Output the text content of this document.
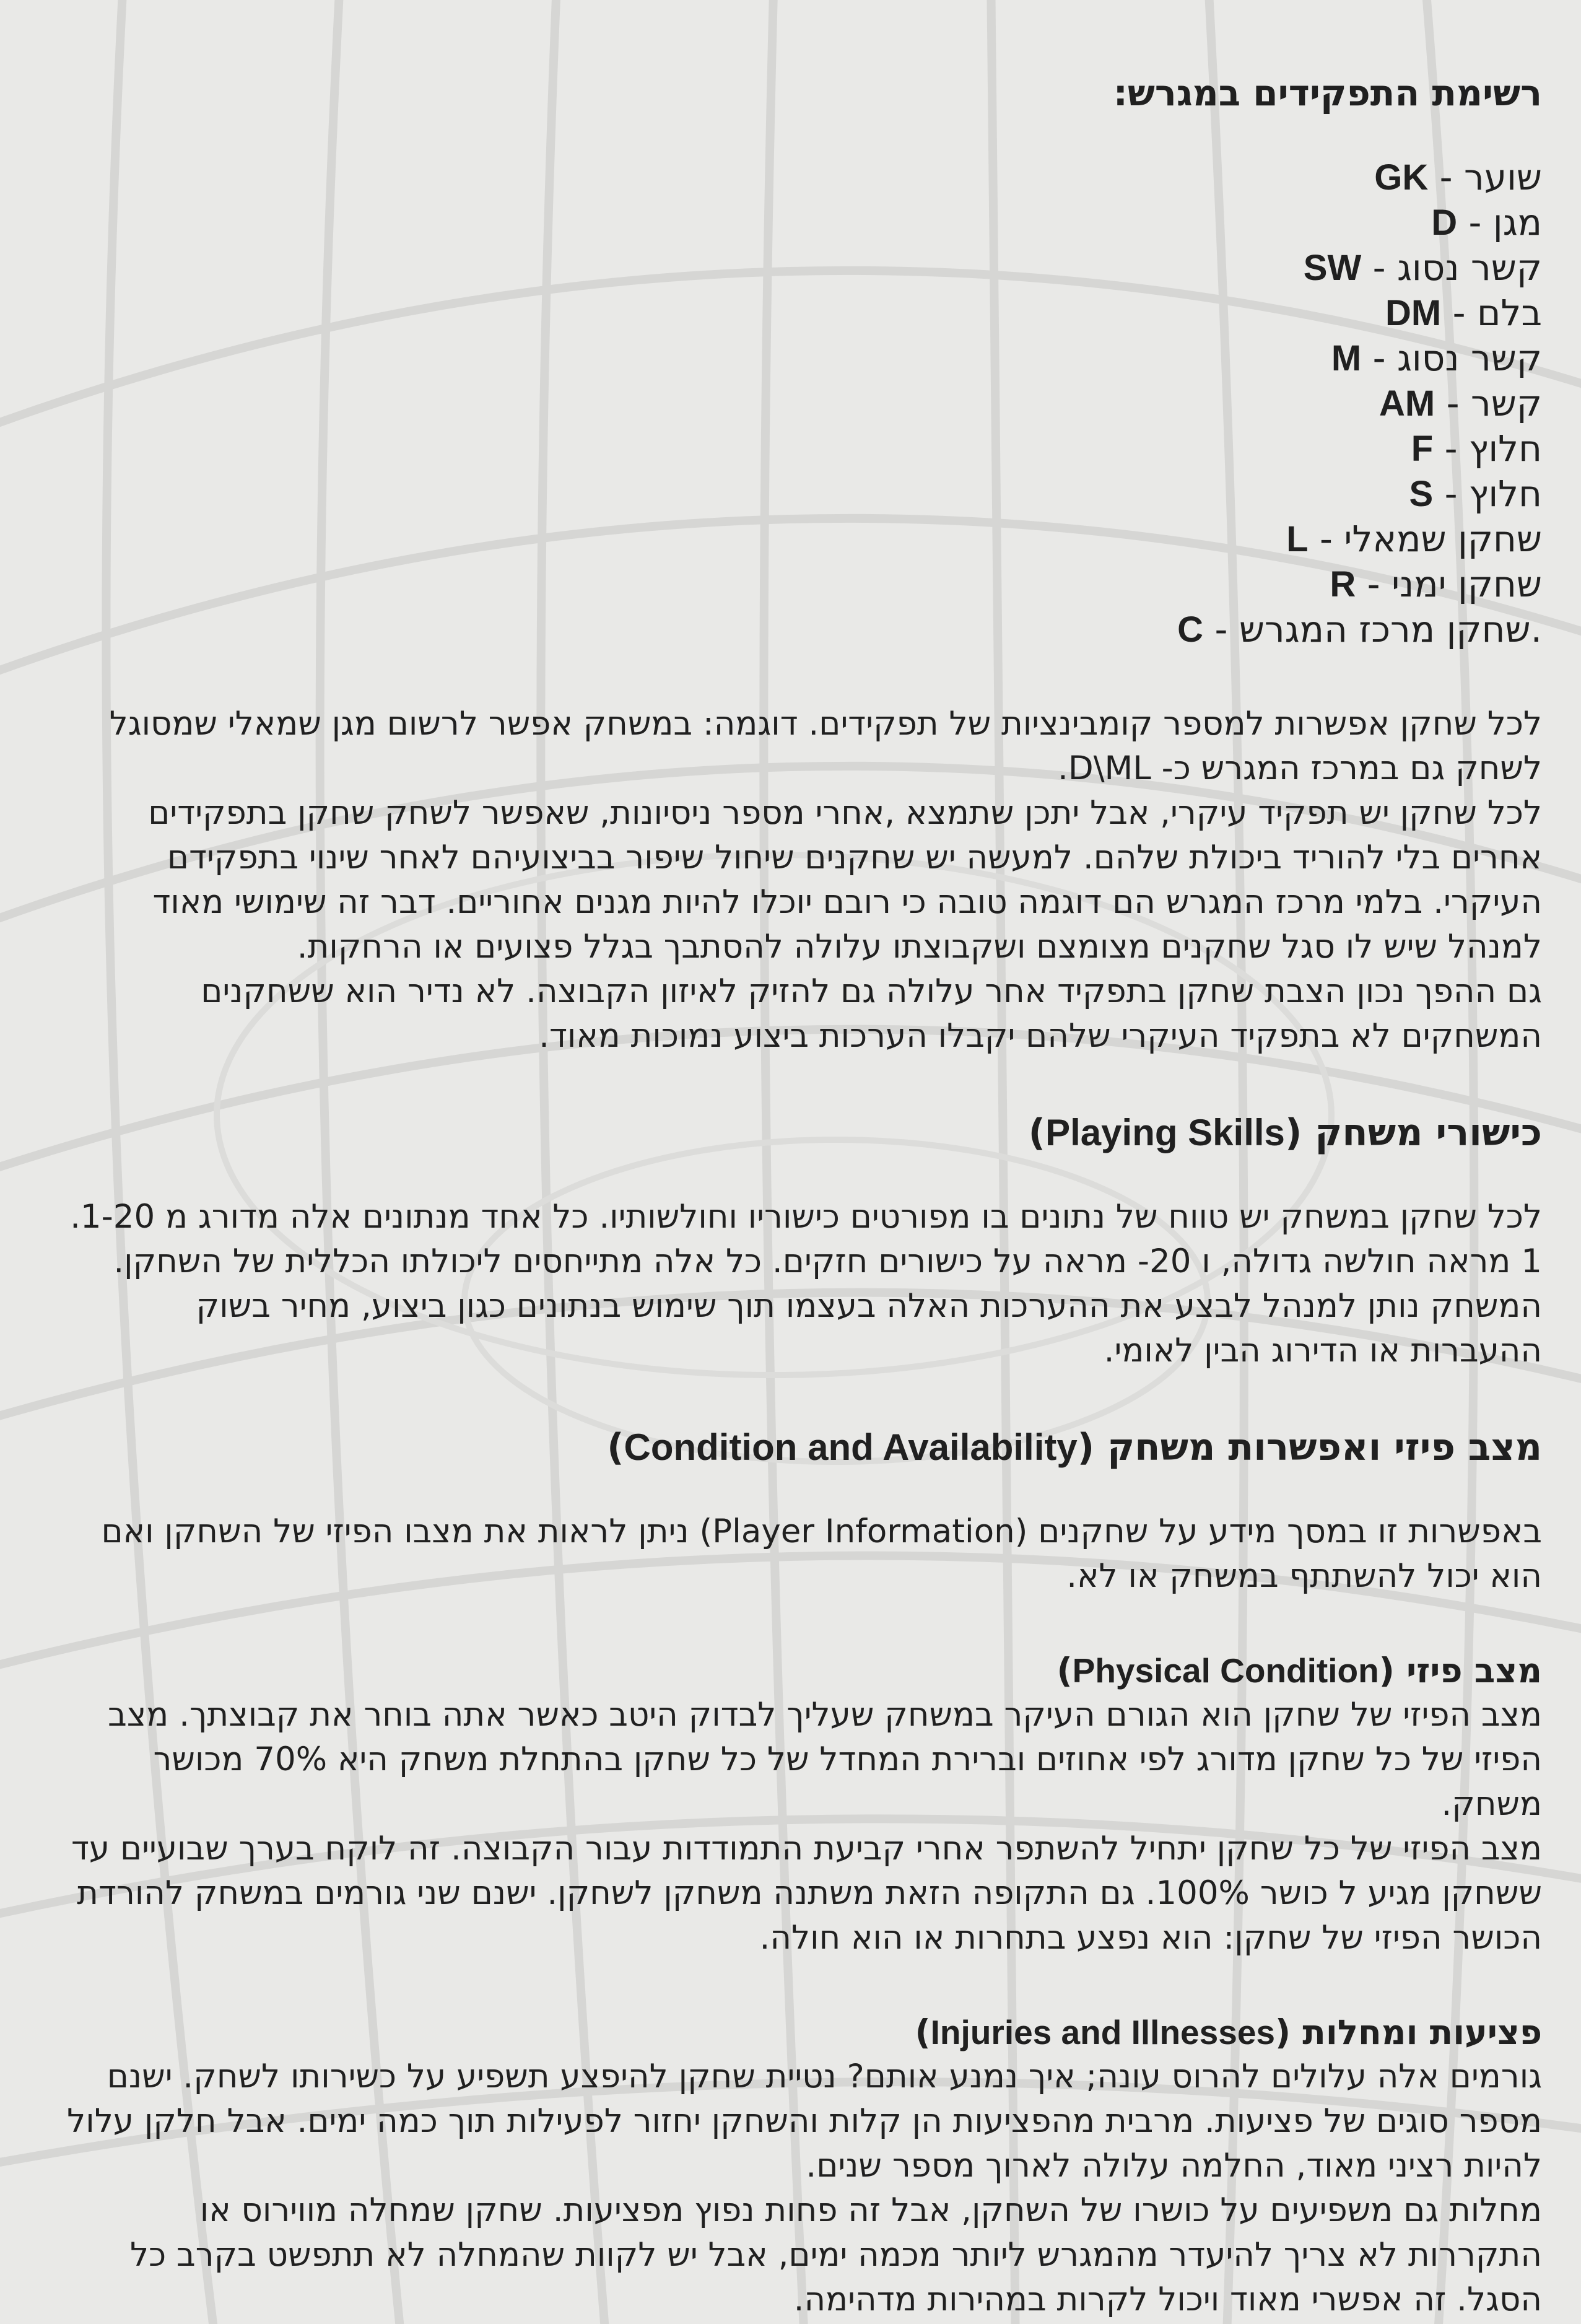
רשימת התפקידים במגרש:
GK - שוער
D - מגן
SW - קשר נסוג
DM - בלם
M - קשר נסוג
AM - קשר
F - חלוץ
S - חלוץ
L - שחקן שמאלי
R - שחקן ימני
C - שחקן מרכז המגרש.

לכל שחקן אפשרות למספר קומבינציות של תפקידים. דוגמה: במשחק אפשר לרשום מגן שמאלי שמסוגל לשחק גם במרכז המגרש כ- D\ML.

לכל שחקן יש תפקיד עיקרי, אבל יתכן שתמצא ,אחרי מספר ניסיונות, שאפשר לשחק שחקן בתפקידים אחרים בלי להוריד ביכולת שלהם. למעשה יש שחקנים שיחול שיפור בביצועיהם לאחר שינוי בתפקידם העיקרי. בלמי מרכז המגרש הם דוגמה טובה כי רובם יוכלו להיות מגנים אחוריים. דבר זה שימושי מאוד למנהל שיש לו סגל שחקנים מצומצם ושקבוצתו עלולה להסתבך בגלל פצועים או הרחקות.

גם ההפך נכון הצבת שחקן בתפקיד אחר עלולה גם להזיק לאיזון הקבוצה. לא נדיר הוא ששחקנים המשחקים לא בתפקיד העיקרי שלהם יקבלו הערכות ביצוע נמוכות מאוד.

כישורי משחק (Playing Skills)

לכל שחקן במשחק יש טווח של נתונים בו מפורטים כישוריו וחולשותיו. כל אחד מנתונים אלה מדורג מ 1-20. 1 מראה חולשה גדולה, ו 20- מראה על כישורים חזקים. כל אלה מתייחסים ליכולתו הכללית של השחקן. המשחק נותן למנהל לבצע את ההערכות האלה בעצמו תוך שימוש בנתונים כגון ביצוע, מחיר בשוק ההעברות או הדירוג הבין לאומי.

מצב פיזי ואפשרות משחק (Condition and Availability)

באפשרות זו במסך מידע על שחקנים (Player Information) ניתן לראות את מצבו הפיזי של השחקן ואם הוא יכול להשתתף במשחק או לא.

מצב פיזי (Physical Condition)

מצב הפיזי של שחקן הוא הגורם העיקר במשחק שעליך לבדוק היטב כאשר אתה בוחר את קבוצתך. מצב הפיזי של כל שחקן מדורג לפי אחוזים וברירת המחדל של כל שחקן בהתחלת משחק היא 70% מכושר משחק.

מצב הפיזי של כל שחקן יתחיל להשתפר אחרי קביעת התמודדות עבור הקבוצה. זה לוקח בערך שבועיים עד ששחקן מגיע ל כושר 100%. גם התקופה הזאת משתנה משחקן לשחקן. ישנם שני גורמים במשחק להורדת הכושר הפיזי של שחקן: הוא נפצע בתחרות או הוא חולה.

פציעות ומחלות (Injuries and Illnesses)

גורמים אלה עלולים להרוס עונה; איך נמנע אותם? נטיית שחקן להיפצע תשפיע על כשירותו לשחק. ישנם מספר סוגים של פציעות. מרבית מהפציעות הן קלות והשחקן יחזור לפעילות תוך כמה ימים. אבל חלקן עלול להיות רציני מאוד, החלמה עלולה לארוך מספר שנים.

מחלות גם משפיעים על כושרו של השחקן, אבל זה פחות נפוץ מפציעות. שחקן שמחלה מווירוס או התקררות לא צריך להיעדר מהמגרש ליותר מכמה ימים, אבל יש לקוות שהמחלה לא תתפשט בקרב כל הסגל. זה אפשרי מאוד ויכול לקרות במהירות מדהימה.
